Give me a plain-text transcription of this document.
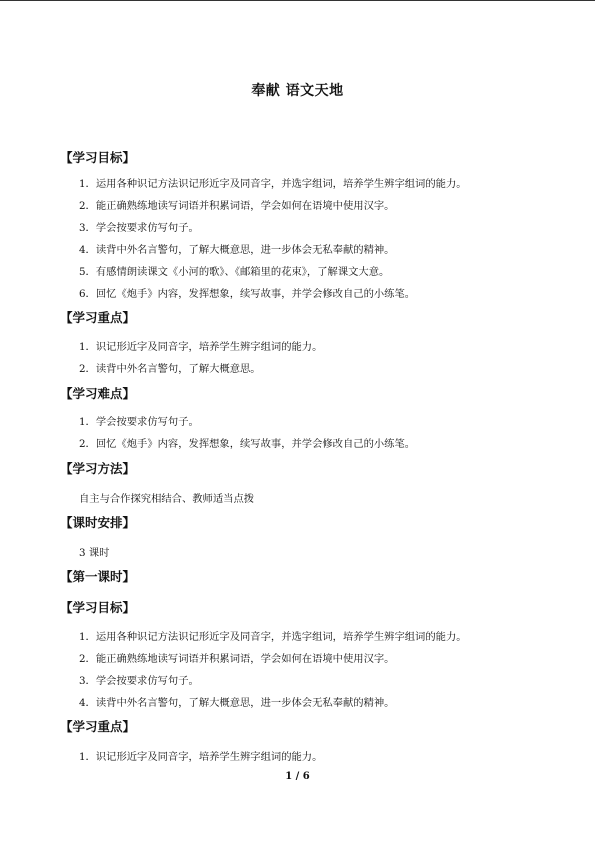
奉献 语文天地
【学习目标】
1．运用各种识记方法识记形近字及同音字，并选字组词，培养学生辨字组词的能力。
2．能正确熟练地读写词语并积累词语，学会如何在语境中使用汉字。
3．学会按要求仿写句子。
4．读背中外名言警句，了解大概意思，进一步体会无私奉献的精神。
5．有感情朗读课文《小河的歌》、《邮箱里的花束》，了解课文大意。
6．回忆《炮手》内容，发挥想象，续写故事，并学会修改自己的小练笔。
【学习重点】
1．识记形近字及同音字，培养学生辨字组词的能力。
2．读背中外名言警句，了解大概意思。
【学习难点】
1．学会按要求仿写句子。
2．回忆《炮手》内容，发挥想象，续写故事，并学会修改自己的小练笔。
【学习方法】
自主与合作探究相结合、教师适当点拨
【课时安排】
3 课时
【第一课时】
【学习目标】
1．运用各种识记方法识记形近字及同音字，并选字组词，培养学生辨字组词的能力。
2．能正确熟练地读写词语并积累词语，学会如何在语境中使用汉字。
3．学会按要求仿写句子。
4．读背中外名言警句，了解大概意思，进一步体会无私奉献的精神。
【学习重点】
1．识记形近字及同音字，培养学生辨字组词的能力。
1 / 6
